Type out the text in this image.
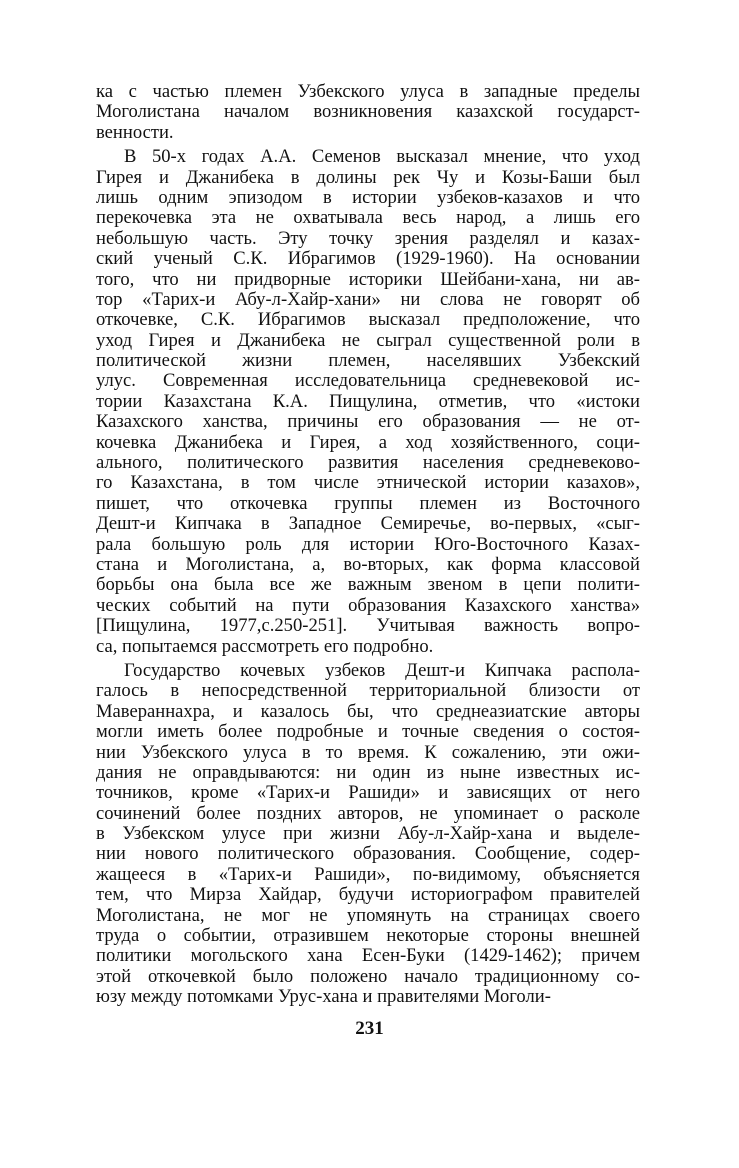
ка с частью племен Узбекского улуса в западные пределы
Моголистана началом возникновения казахской государст-
венности.
В 50-х годах А.А. Семенов высказал мнение, что уход
Гирея и Джанибека в долины рек Чу и Козы-Баши был
лишь одним эпизодом в истории узбеков-казахов и что
перекочевка эта не охватывала весь народ, а лишь его
небольшую часть. Эту точку зрения разделял и казах-
ский ученый С.К. Ибрагимов (1929-1960). На основании
того, что ни придворные историки Шейбани-хана, ни ав-
тор «Тарих-и Абу-л-Хайр-хани» ни слова не говорят об
откочевке, С.К. Ибрагимов высказал предположение, что
уход Гирея и Джанибека не сыграл существенной роли в
политической жизни племен, населявших Узбекский
улус. Современная исследовательница средневековой ис-
тории Казахстана К.А. Пищулина, отметив, что «истоки
Казахского ханства, причины его образования — не от-
кочевка Джанибека и Гирея, а ход хозяйственного, соци-
ального, политического развития населения средневеково-
го Казахстана, в том числе этнической истории казахов»,
пишет, что откочевка группы племен из Восточного
Дешт-и Кипчака в Западное Семиречье, во-первых, «сыг-
рала большую роль для истории Юго-Восточного Казах-
стана и Моголистана, а, во-вторых, как форма классовой
борьбы она была все же важным звеном в цепи полити-
ческих событий на пути образования Казахского ханства»
[Пищулина, 1977,с.250-251]. Учитывая важность вопро-
са, попытаемся рассмотреть его подробно.
Государство кочевых узбеков Дешт-и Кипчака распола-
галось в непосредственной территориальной близости от
Мавераннахра, и казалось бы, что среднеазиатские авторы
могли иметь более подробные и точные сведения о состоя-
нии Узбекского улуса в то время. К сожалению, эти ожи-
дания не оправдываются: ни один из ныне известных ис-
точников, кроме «Тарих-и Рашиди» и зависящих от него
сочинений более поздних авторов, не упоминает о расколе
в Узбекском улусе при жизни Абу-л-Хайр-хана и выделе-
нии нового политического образования. Сообщение, содер-
жащееся в «Тарих-и Рашиди», по-видимому, объясняется
тем, что Мирза Хайдар, будучи историографом правителей
Моголистана, не мог не упомянуть на страницах своего
труда о событии, отразившем некоторые стороны внешней
политики могольского хана Есен-Буки (1429-1462); причем
этой откочевкой было положено начало традиционному со-
юзу между потомками Урус-хана и правителями Моголи-
231
